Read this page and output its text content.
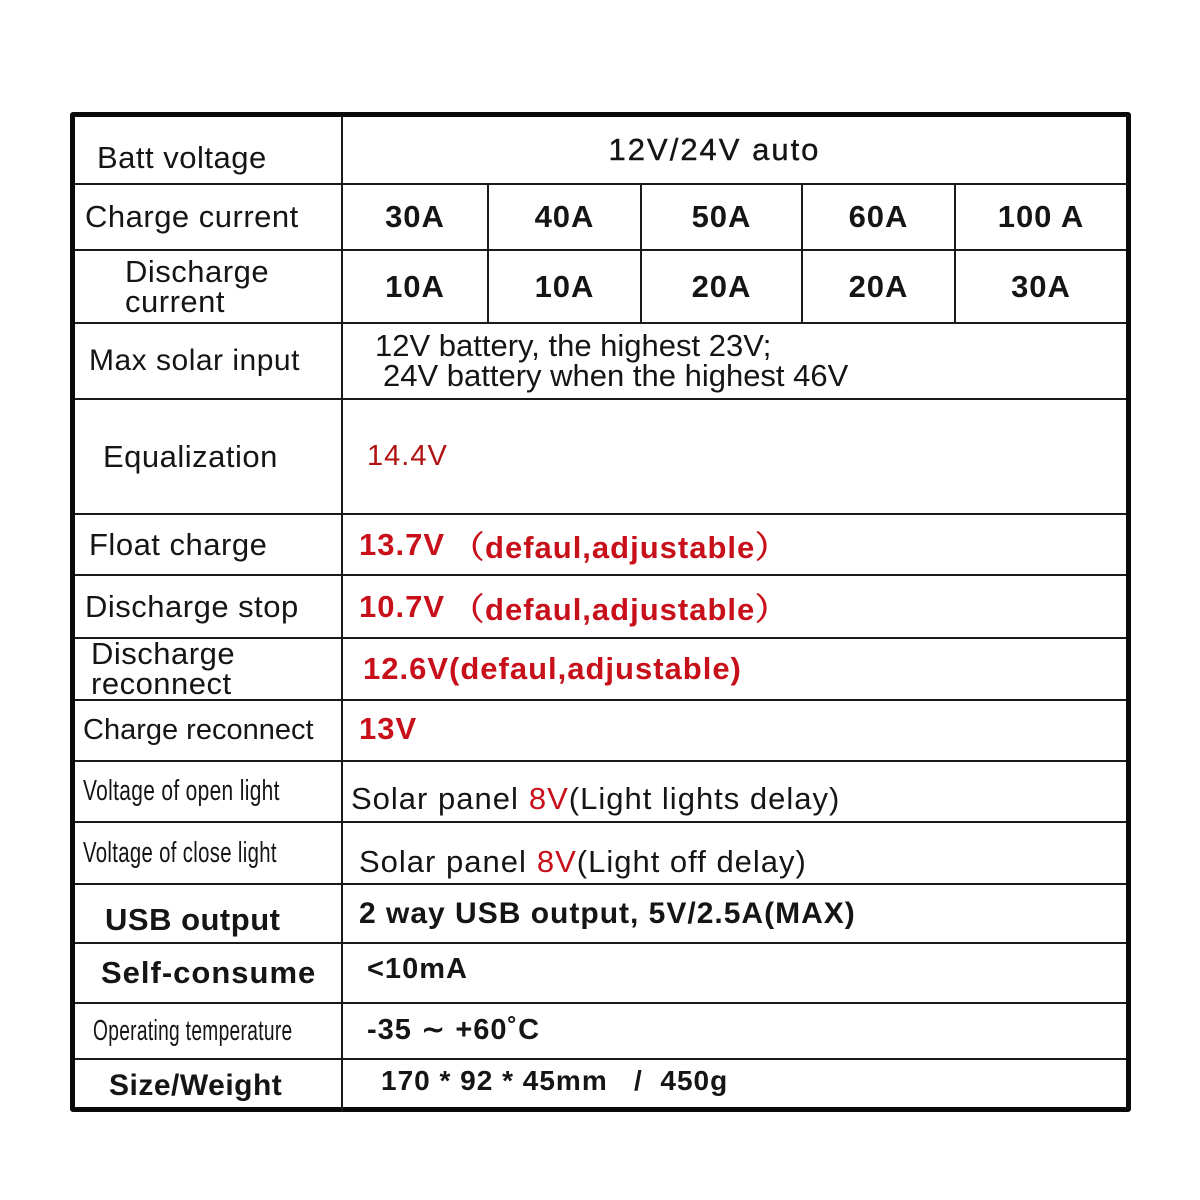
Batt voltage	12V/24V auto
Charge current	30A	40A	50A	60A	100 A
Discharge
current	10A	10A	20A	20A	30A
Max solar input 12V battery, the highest 23V;
24V battery when the highest 46V
Equalization	14.4V
Float charge	13.7V （defaul,adjustable）
Discharge stop 10.7V （defaul,adjustable）
Discharge
reconnect	12.6V(defaul,adjustable)
Charge reconnect 13V
Voltage of open light Solar panel 8V (Light lights delay)
Voltage of close light	Solar panel 8V (Light off delay)
USB output	2 way USB output, 5V/2.5A(MAX)
Self-consume <10mA
Operating temperature	-35 ∼ +60˚C
Size/Weight	170 * 92 * 45mm   /  450g
